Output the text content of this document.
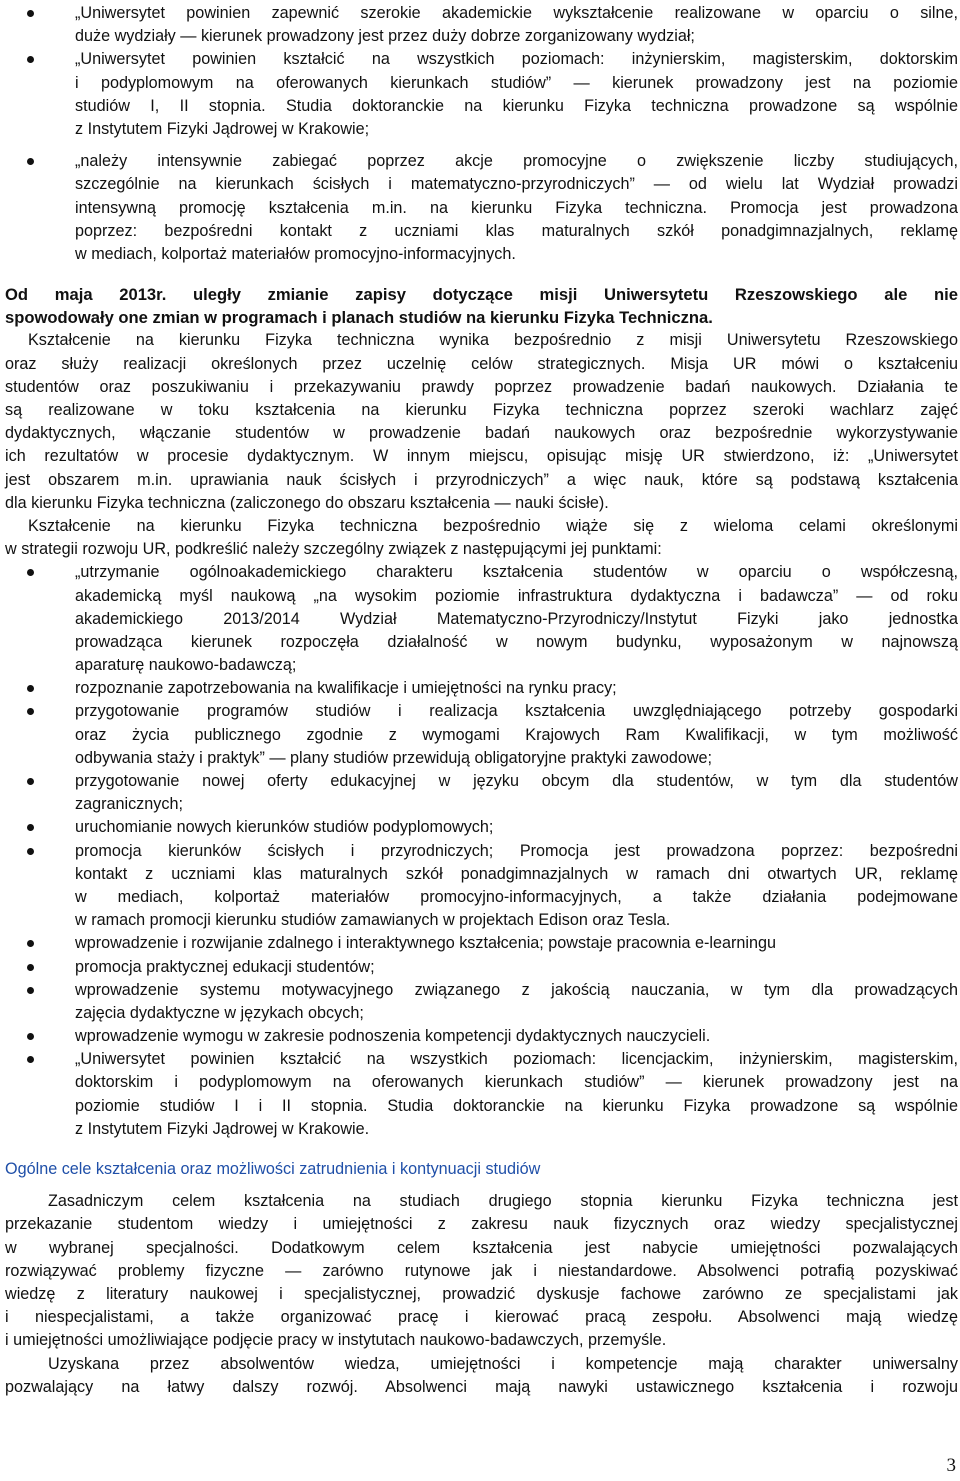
„Uniwersytet powinien zapewnić szerokie akademickie wykształcenie realizowane w oparciu o silne,
duże wydziały ― kierunek prowadzony jest przez duży dobrze zorganizowany wydział;
„Uniwersytet powinien kształcić na wszystkich poziomach: inżynierskim, magisterskim, doktorskim
i podyplomowym na oferowanych kierunkach studiów” ― kierunek prowadzony jest na poziomie
studiów I, II stopnia. Studia doktoranckie na kierunku Fizyka techniczna prowadzone są wspólnie
z Instytutem Fizyki Jądrowej w Krakowie;
„należy intensywnie zabiegać poprzez akcje promocyjne o zwiększenie liczby studiujących,
szczególnie na kierunkach ścisłych i matematyczno-przyrodniczych” ― od wielu lat Wydział prowadzi
intensywną promocję kształcenia m.in. na kierunku Fizyka techniczna. Promocja jest prowadzona
poprzez: bezpośredni kontakt z uczniami klas maturalnych szkół ponadgimnazjalnych, reklamę
w mediach, kolportaż materiałów promocyjno-informacyjnych.
Od maja 2013r. uległy zmianie zapisy dotyczące misji Uniwersytetu Rzeszowskiego ale nie
spowodowały one zmian w programach i planach studiów na kierunku Fizyka Techniczna.
Kształcenie na kierunku Fizyka techniczna wynika bezpośrednio z misji Uniwersytetu Rzeszowskiego
oraz służy realizacji określonych przez uczelnię celów strategicznych. Misja UR mówi o kształceniu
studentów oraz poszukiwaniu i przekazywaniu prawdy poprzez prowadzenie badań naukowych. Działania te
są realizowane w toku kształcenia na kierunku Fizyka techniczna poprzez szeroki wachlarz zajęć
dydaktycznych, włączanie studentów w prowadzenie badań naukowych oraz bezpośrednie wykorzystywanie
ich rezultatów w procesie dydaktycznym. W innym miejscu, opisując misję UR stwierdzono, iż: „Uniwersytet
jest obszarem m.in. uprawiania nauk ścisłych i przyrodniczych” a więc nauk, które są podstawą kształcenia
dla kierunku Fizyka techniczna (zaliczonego do obszaru kształcenia ― nauki ścisłe).
Kształcenie na kierunku Fizyka techniczna bezpośrednio wiąże się z wieloma celami określonymi
w strategii rozwoju UR, podkreślić należy szczególny związek z następującymi jej punktami:
„utrzymanie ogólnoakademickiego charakteru kształcenia studentów w oparciu o współczesną,
akademicką myśl naukową „na wysokim poziomie infrastruktura dydaktyczna i badawcza” ― od roku
akademickiego 2013/2014 Wydział Matematyczno-Przyrodniczy/Instytut Fizyki jako jednostka
prowadząca kierunek rozpoczęła działalność w nowym budynku, wyposażonym w najnowszą
aparaturę naukowo-badawczą;
rozpoznanie zapotrzebowania na kwalifikacje i umiejętności na rynku pracy;
przygotowanie programów studiów i realizacja kształcenia uwzględniającego potrzeby gospodarki
oraz życia publicznego zgodnie z wymogami Krajowych Ram Kwalifikacji, w tym możliwość
odbywania staży i praktyk” ― plany studiów przewidują obligatoryjne praktyki zawodowe;
przygotowanie nowej oferty edukacyjnej w języku obcym dla studentów, w tym dla studentów
zagranicznych;
uruchomianie nowych kierunków studiów podyplomowych;
promocja kierunków ścisłych i przyrodniczych; Promocja jest prowadzona poprzez: bezpośredni
kontakt z uczniami klas maturalnych szkół ponadgimnazjalnych w ramach dni otwartych UR, reklamę
w mediach, kolportaż materiałów promocyjno-informacyjnych, a także działania podejmowane
w ramach promocji kierunku studiów zamawianych w projektach Edison oraz Tesla.
wprowadzenie i rozwijanie zdalnego i interaktywnego kształcenia; powstaje pracownia e-learningu
promocja praktycznej edukacji studentów;
wprowadzenie systemu motywacyjnego związanego z jakością nauczania, w tym dla prowadzących
zajęcia dydaktyczne w językach obcych;
wprowadzenie wymogu w zakresie podnoszenia kompetencji dydaktycznych nauczycieli.
„Uniwersytet powinien kształcić na wszystkich poziomach: licencjackim, inżynierskim, magisterskim,
doktorskim i podyplomowym na oferowanych kierunkach studiów” ― kierunek prowadzony jest na
poziomie studiów I i II stopnia. Studia doktoranckie na kierunku Fizyka prowadzone są wspólnie
z Instytutem Fizyki Jądrowej w Krakowie.
Ogólne cele kształcenia oraz możliwości zatrudnienia i kontynuacji studiów
Zasadniczym celem kształcenia na studiach drugiego stopnia kierunku Fizyka techniczna jest
przekazanie studentom wiedzy i umiejętności z zakresu nauk fizycznych oraz wiedzy specjalistycznej
w wybranej specjalności. Dodatkowym celem kształcenia jest nabycie umiejętności pozwalających
rozwiązywać problemy fizyczne ― zarówno rutynowe jak i niestandardowe. Absolwenci potrafią pozyskiwać
wiedzę z literatury naukowej i specjalistycznej, prowadzić dyskusje fachowe zarówno ze specjalistami jak
i niespecjalistami, a także organizować pracę i kierować pracą zespołu. Absolwenci mają wiedzę
i umiejętności umożliwiające podjęcie pracy w instytutach naukowo-badawczych, przemyśle.
Uzyskana przez absolwentów wiedza, umiejętności i kompetencje mają charakter uniwersalny
pozwalający na łatwy dalszy rozwój. Absolwenci mają nawyki ustawicznego kształcenia i rozwoju
3
